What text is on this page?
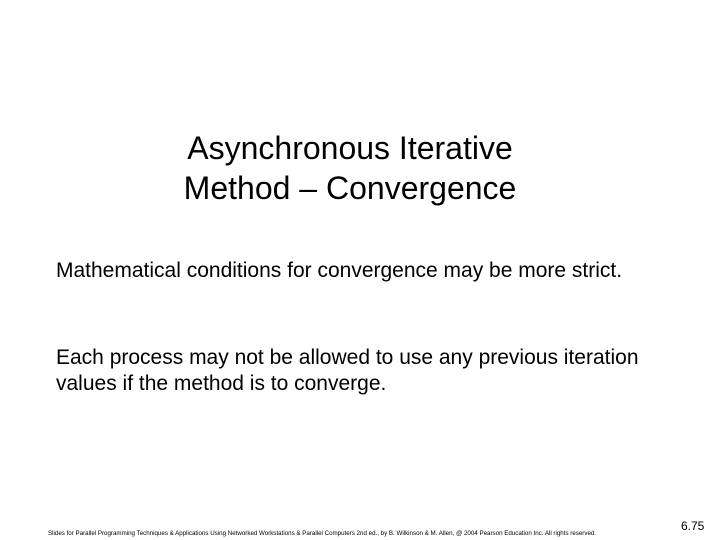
Asynchronous Iterative
Method – Convergence
Mathematical conditions for convergence may be more strict.
Each process may not be allowed to use any previous iteration values if the method is to converge.
Slides for Parallel Programming Techniques & Applications Using Networked Workstations & Parallel Computers 2nd ed., by B. Wilkinson & M. Allen, @ 2004 Pearson Education Inc. All rights reserved.
6.75
